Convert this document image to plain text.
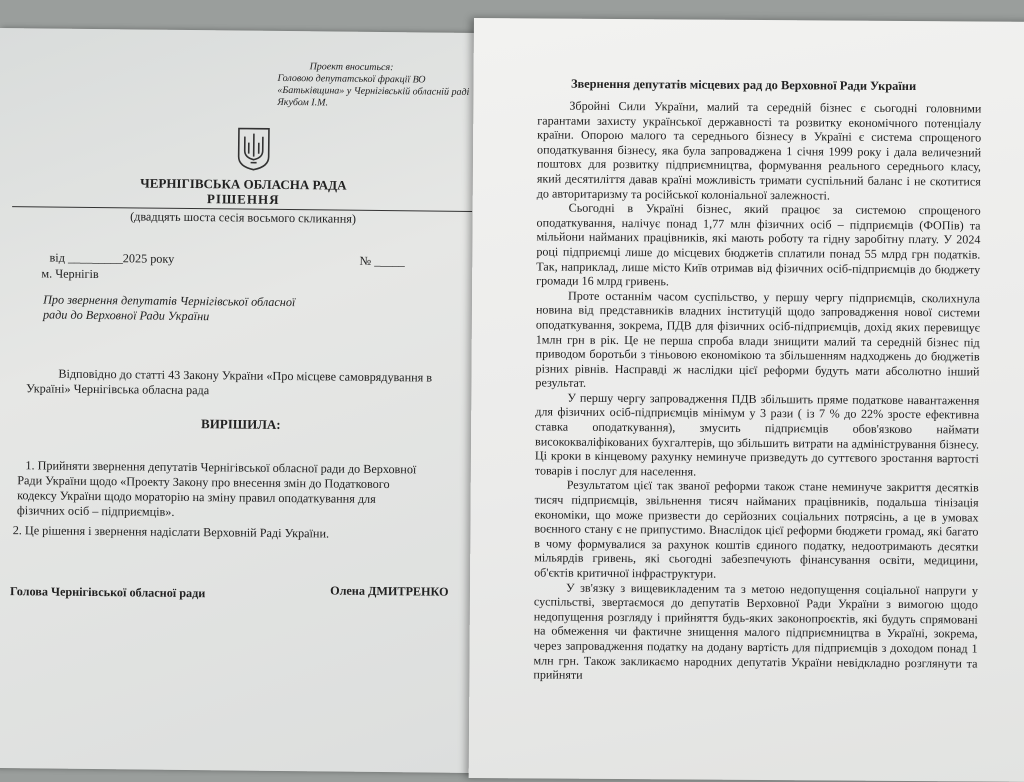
Проект вноситься:

Головою депутатської фракції ВО

«Батьківщина» у Чернігівській обласній раді

Якубом І.М.

ЧЕРНІГІВСЬКА ОБЛАСНА РАДА

РІШЕННЯ

(двадцять шоста сесія восьмого скликання)

від _________2025 року	№ _____

м. Чернігів

Про звернення депутатів Чернігівської обласної

ради до Верховної Ради України

Відповідно до статті 43 Закону України «Про місцеве самоврядування в

Україні» Чернігівська обласна рада

ВИРІШИЛА:

1. Прийняти звернення депутатів Чернігівської обласної ради до Верховної

Ради України щодо «Проекту Закону про внесення змін до Податкового

кодексу України щодо мораторію на зміну правил оподаткування для

фізичних осіб – підприємців».

2. Це рішення і звернення надіслати Верховній Раді України.

Голова Чернігівської обласної ради	Олена ДМИТРЕНКО

Звернення депутатів місцевих рад до Верховної Ради України

Збройні Сили України, малий та середній бізнес є сьогодні головними гарантами захисту української державності та розвитку економічного потенціалу країни. Опорою малого та середнього бізнесу в Україні є система спрощеного оподаткування бізнесу, яка була запроваджена 1 січня 1999 року і дала величезний поштовх для розвитку підприємництва, формування реального середнього класу, який десятиліття давав країні можливість тримати суспільний баланс і не скотитися до авторитаризму та російської колоніальної залежності.

Сьогодні в Україні бізнес, який працює за системою спрощеного оподаткування, налічує понад 1,77 млн фізичних осіб – підприємців (ФОПів) та мільйони найманих працівників, які мають роботу та гідну заробітну плату. У 2024 році підприємці лише до місцевих бюджетів сплатили понад 55 млрд грн податків. Так, наприклад, лише місто Київ отримав від фізичних осіб-підприємців до бюджету громади 16 млрд гривень.

Проте останнім часом суспільство, у першу чергу підприємців, сколихнула новина від представників владних інституцій щодо запровадження нової системи оподаткування, зокрема, ПДВ для фізичних осіб-підприємців, дохід яких перевищує 1млн грн в рік. Це не перша спроба влади знищити малий та середній бізнес під приводом боротьби з тіньовою економікою та збільшенням надходжень до бюджетів різних рівнів. Насправді ж наслідки цієї реформи будуть мати абсолютно інший результат.

У першу чергу запровадження ПДВ збільшить пряме податкове навантаження для фізичних осіб-підприємців мінімум у 3 рази ( із 7 % до 22% зросте ефективна ставка оподаткування), змусить підприємців обов'язково наймати висококваліфікованих бухгалтерів, що збільшить витрати на адміністрування бізнесу. Ці кроки в кінцевому рахунку неминуче призведуть до суттєвого зростання вартості товарів і послуг для населення.

Результатом цієї так званої реформи також стане неминуче закриття десятків тисяч підприємців, звільнення тисяч найманих працівників, подальша тінізація економіки, що може призвести до серйозних соціальних потрясінь, а це в умовах воєнного стану є не припустимо. Внаслідок цієї реформи бюджети громад, які багато в чому формувалися за рахунок коштів єдиного податку, недоотримають десятки мільярдів гривень, які сьогодні забезпечують фінансування освіти, медицини, об'єктів критичної інфраструктури.

У зв'язку з вищевикладеним та з метою недопущення соціальної напруги у суспільстві, звертаємося до депутатів Верховної Ради України з вимогою щодо недопущення розгляду і прийняття будь-яких законопроєктів, які будуть спрямовані на обмеження чи фактичне знищення малого підприємництва в Україні, зокрема, через запровадження податку на додану вартість для підприємців з доходом понад 1 млн грн. Також закликаємо народних депутатів України невідкладно розглянути та прийняти
